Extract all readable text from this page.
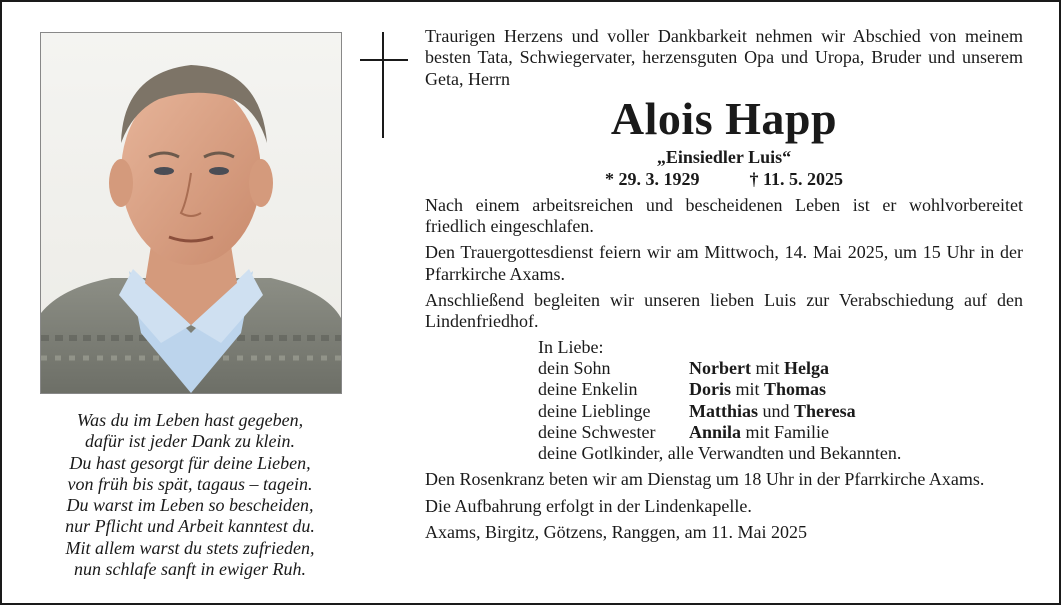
Was du im Leben hast gegeben,
dafür ist jeder Dank zu klein.
Du hast gesorgt für deine Lieben,
von früh bis spät, tagaus – tagein.
Du warst im Leben so bescheiden,
nur Pflicht und Arbeit kanntest du.
Mit allem warst du stets zufrieden,
nun schlafe sanft in ewiger Ruh.
Traurigen Herzens und voller Dankbarkeit nehmen wir Abschied von meinem besten Tata, Schwiegervater, herzensguten Opa und Uropa, Bruder und unserem Geta, Herrn
Alois Happ
„Einsiedler Luis“
* 29. 3. 1929	† 11. 5. 2025
Nach einem arbeitsreichen und bescheidenen Leben ist er wohlvorbereitet friedlich eingeschlafen.
Den Trauergottesdienst feiern wir am Mittwoch, 14. Mai 2025, um 15 Uhr in der Pfarrkirche Axams.
Anschließend begleiten wir unseren lieben Luis zur Verabschiedung auf den Lindenfriedhof.
In Liebe:
dein Sohn	Norbert mit Helga
deine Enkelin	Doris mit Thomas
deine Lieblinge	Matthias und Theresa
deine Schwester	Annila mit Familie
deine Gotlkinder, alle Verwandten und Bekannten.	
Den Rosenkranz beten wir am Dienstag um 18 Uhr in der Pfarrkirche Axams.
Die Aufbahrung erfolgt in der Lindenkapelle.
Axams, Birgitz, Götzens, Ranggen, am 11. Mai 2025
